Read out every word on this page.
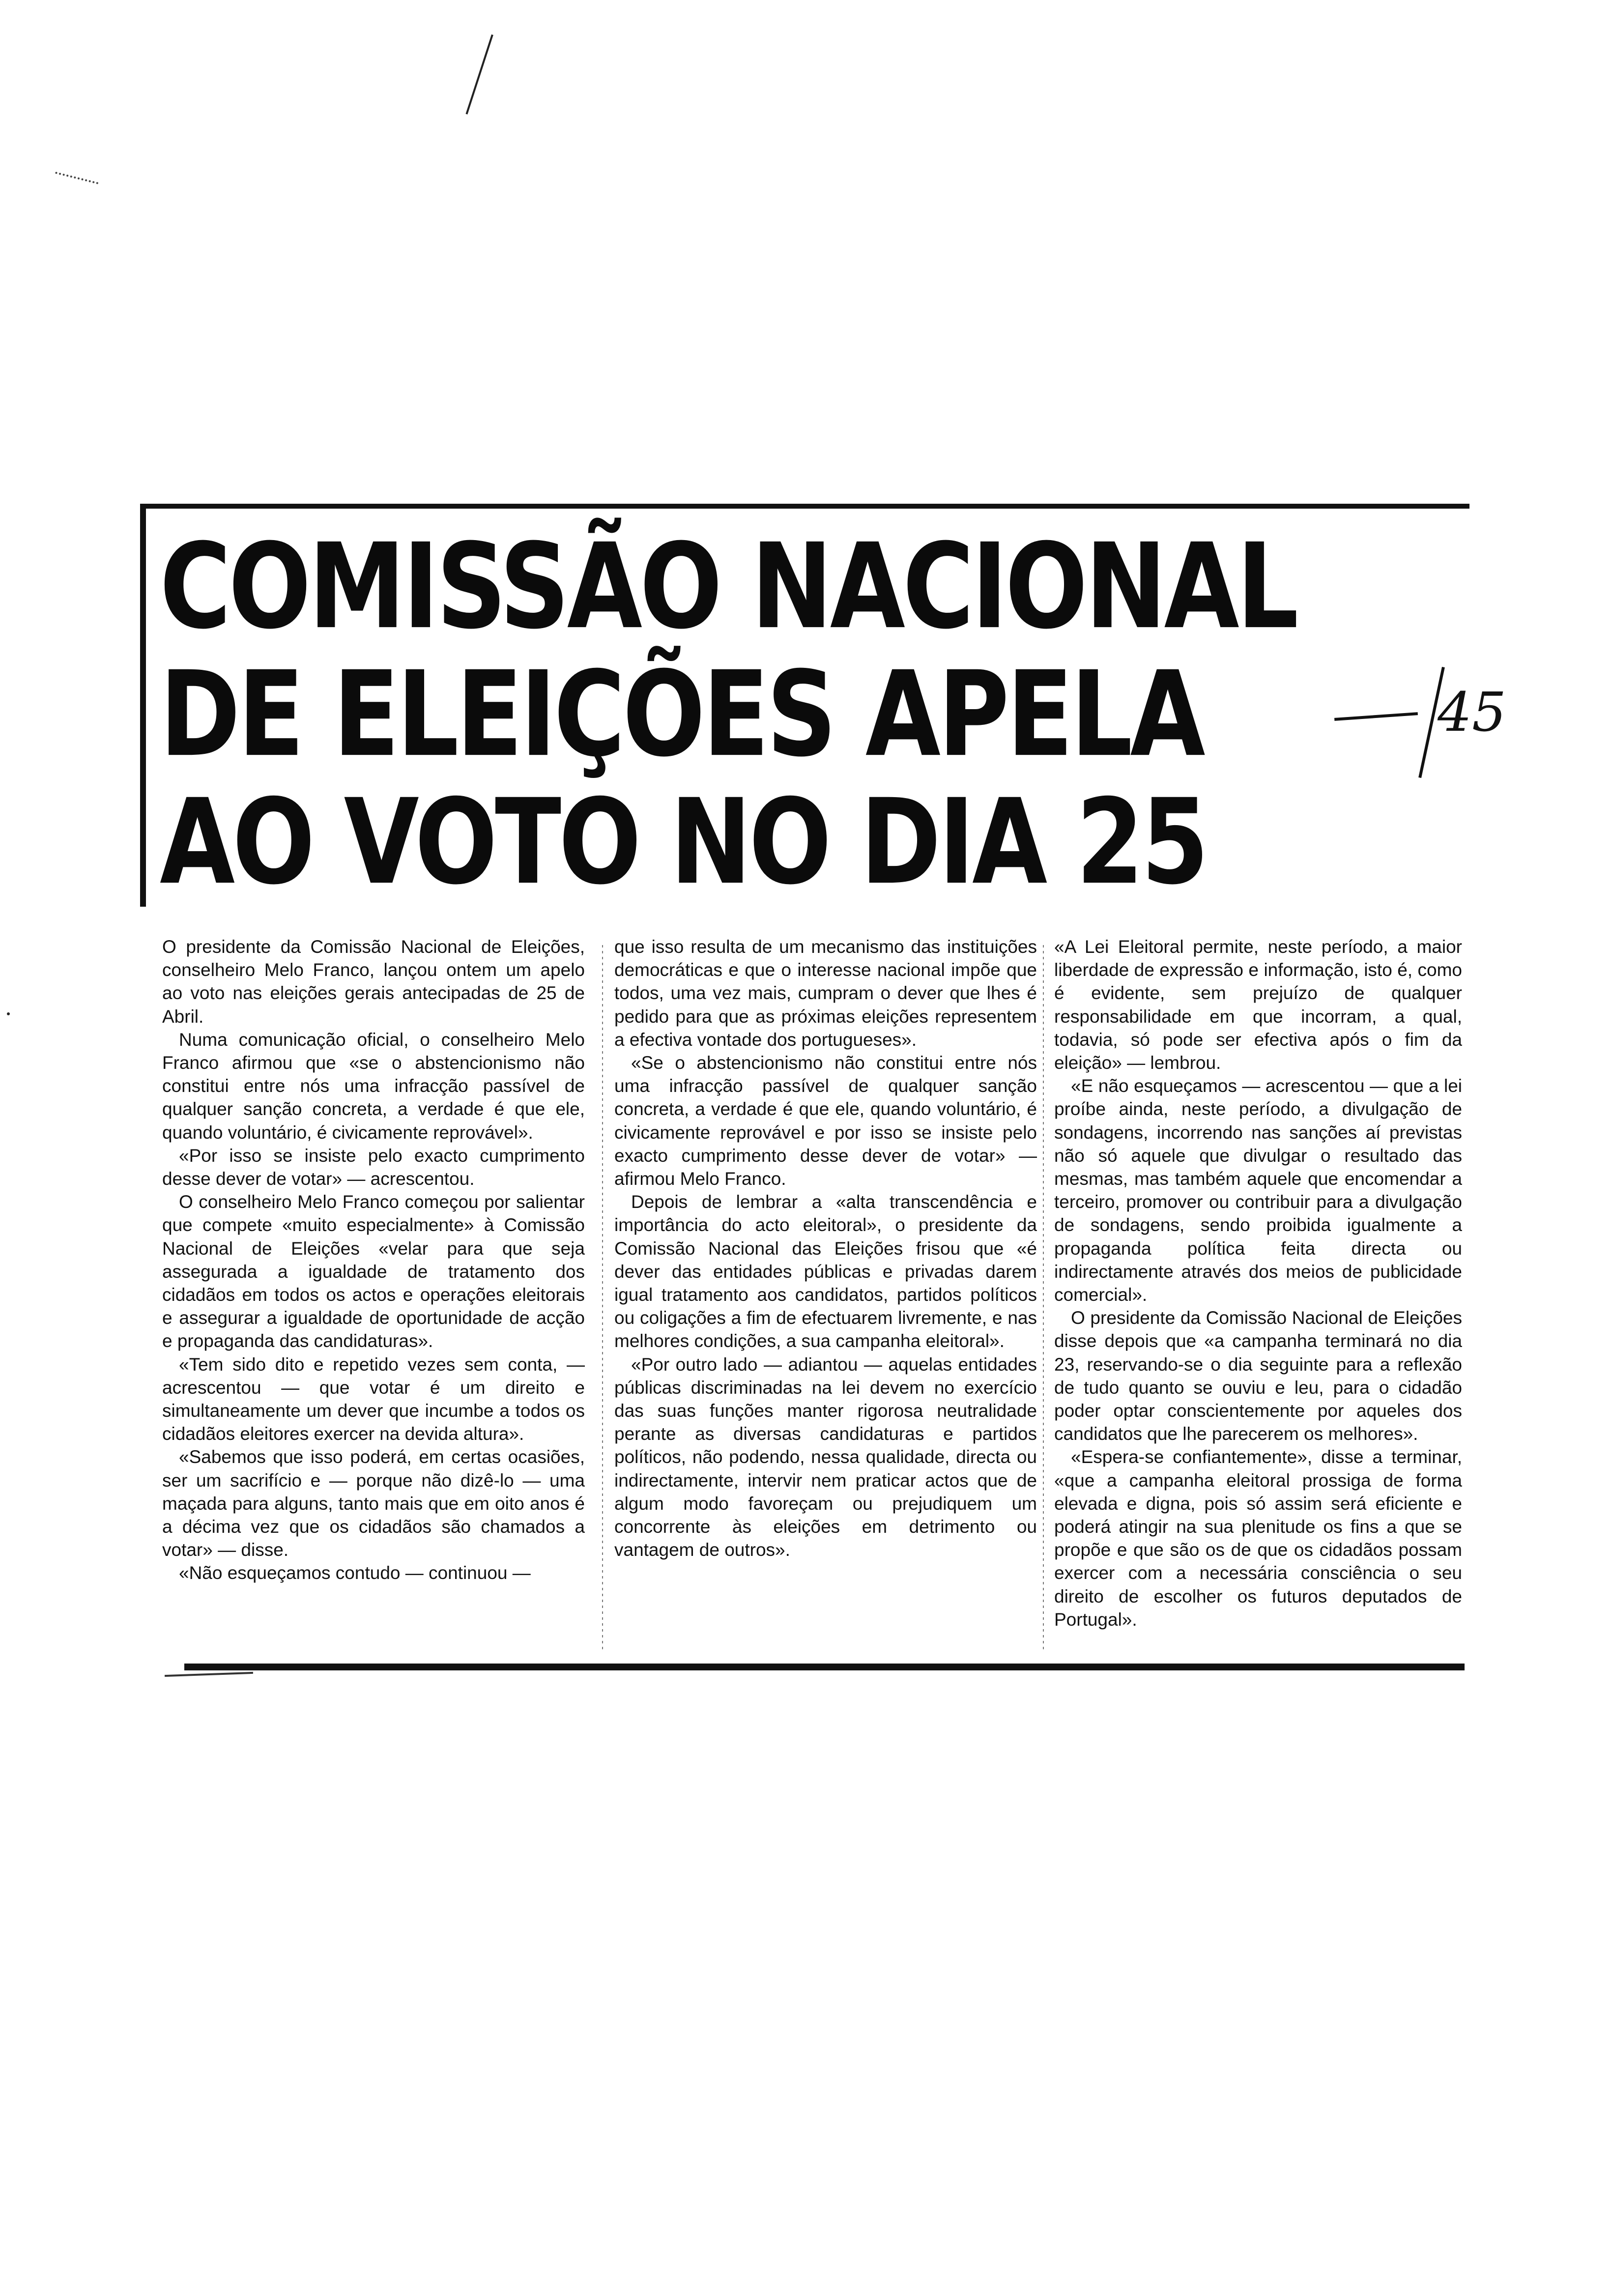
COMISSÃO NACIONAL
DE ELEIÇÕES APELA
AO VOTO NO DIA 25
45

O presidente da Comissão Nacional de Eleições, conselheiro Melo Franco, lançou ontem um apelo ao voto nas eleições gerais antecipadas de 25 de Abril.

Numa comunicação oficial, o conselheiro Melo Franco afirmou que «se o abstencionismo não constitui entre nós uma infracção passível de qualquer sanção concreta, a verdade é que ele, quando voluntário, é civicamente reprovável».

«Por isso se insiste pelo exacto cumprimento desse dever de votar» — acrescentou.

O conselheiro Melo Franco começou por salientar que compete «muito especialmente» à Comissão Nacional de Eleições «velar para que seja assegurada a igualdade de tratamento dos cidadãos em todos os actos e operações eleitorais e assegurar a igualdade de oportunidade de acção e propaganda das candidaturas».

«Tem sido dito e repetido vezes sem conta, — acrescentou — que votar é um direito e simultaneamente um dever que incumbe a todos os cidadãos eleitores exercer na devida altura».

«Sabemos que isso poderá, em certas ocasiões, ser um sacrifício e — porque não dizê-lo — uma maçada para alguns, tanto mais que em oito anos é a décima vez que os cidadãos são chamados a votar» — disse.

«Não esqueçamos contudo — continuou —

que isso resulta de um mecanismo das instituições democráticas e que o interesse nacional impõe que todos, uma vez mais, cumpram o dever que lhes é pedido para que as próximas eleições representem a efectiva vontade dos portugueses».

«Se o abstencionismo não constitui entre nós uma infracção passível de qualquer sanção concreta, a verdade é que ele, quando voluntário, é civicamente reprovável e por isso se insiste pelo exacto cumprimento desse dever de votar» — afirmou Melo Franco.

Depois de lembrar a «alta transcendência e importância do acto eleitoral», o presidente da Comissão Nacional das Eleições frisou que «é dever das entidades públicas e privadas darem igual tratamento aos candidatos, partidos políticos ou coligações a fim de efectuarem livremente, e nas melhores condições, a sua campanha eleitoral».

«Por outro lado — adiantou — aquelas entidades públicas discriminadas na lei devem no exercício das suas funções manter rigorosa neutralidade perante as diversas candidaturas e partidos políticos, não podendo, nessa qualidade, directa ou indirectamente, intervir nem praticar actos que de algum modo favoreçam ou prejudiquem um concorrente às eleições em detrimento ou vantagem de outros».

«A Lei Eleitoral permite, neste período, a maior liberdade de expressão e informação, isto é, como é evidente, sem prejuízo de qualquer responsabilidade em que incorram, a qual, todavia, só pode ser efectiva após o fim da eleição» — lembrou.

«E não esqueçamos — acrescentou — que a lei proíbe ainda, neste período, a divulgação de sondagens, incorrendo nas sanções aí previstas não só aquele que divulgar o resultado das mesmas, mas também aquele que encomendar a terceiro, promover ou contribuir para a divulgação de sondagens, sendo proibida igualmente a propaganda política feita directa ou indirectamente através dos meios de publicidade comercial».

O presidente da Comissão Nacional de Eleições disse depois que «a campanha terminará no dia 23, reservando-se o dia seguinte para a reflexão de tudo quanto se ouviu e leu, para o cidadão poder optar conscientemente por aqueles dos candidatos que lhe parecerem os melhores».

«Espera-se confiantemente», disse a terminar, «que a campanha eleitoral prossiga de forma elevada e digna, pois só assim será eficiente e poderá atingir na sua plenitude os fins a que se propõe e que são os de que os cidadãos possam exercer com a necessária consciência o seu direito de escolher os futuros deputados de Portugal».
